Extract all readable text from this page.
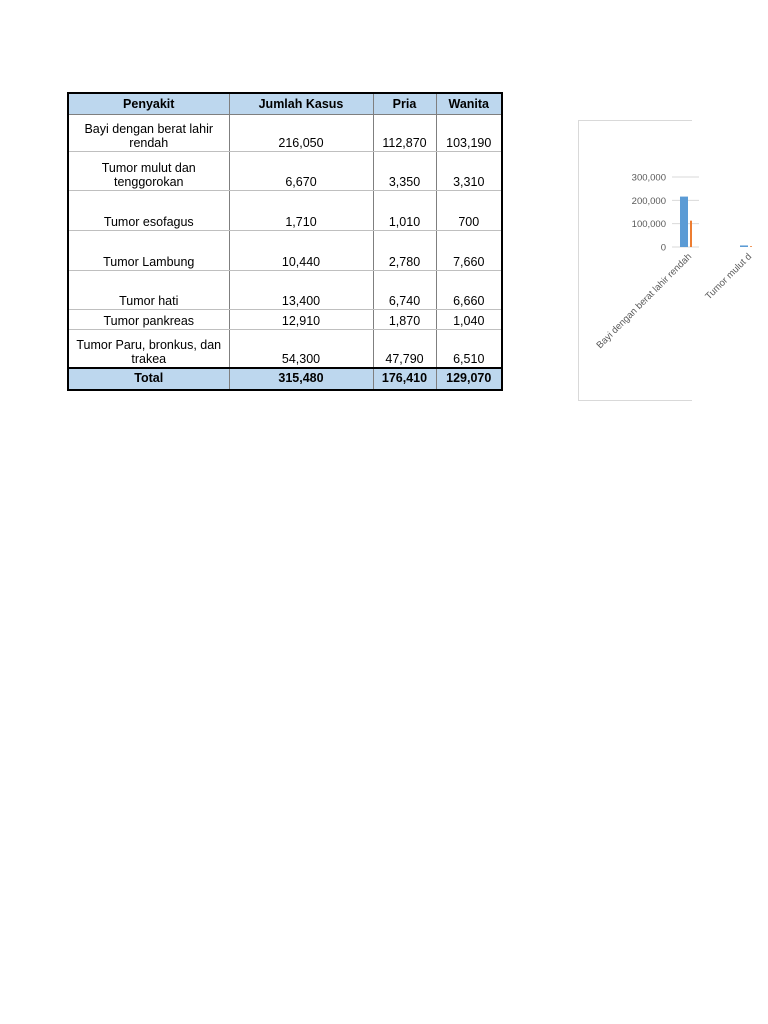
Penyakit	Jumlah Kasus	Pria	Wanita
Bayi dengan berat lahir rendah	216,050	112,870	103,190
Tumor mulut dan tenggorokan	6,670	3,350	3,310
Tumor esofagus	1,710	1,010	700
Tumor Lambung	10,440	2,780	7,660
Tumor hati	13,400	6,740	6,660
Tumor pankreas	12,910	1,870	1,040
Tumor Paru, bronkus, dan trakea	54,300	47,790	6,510
Total	315,480	176,410	129,070
0
100,000
200,000
300,000
Bayi dengan berat lahir rendah Tumor mulut d
